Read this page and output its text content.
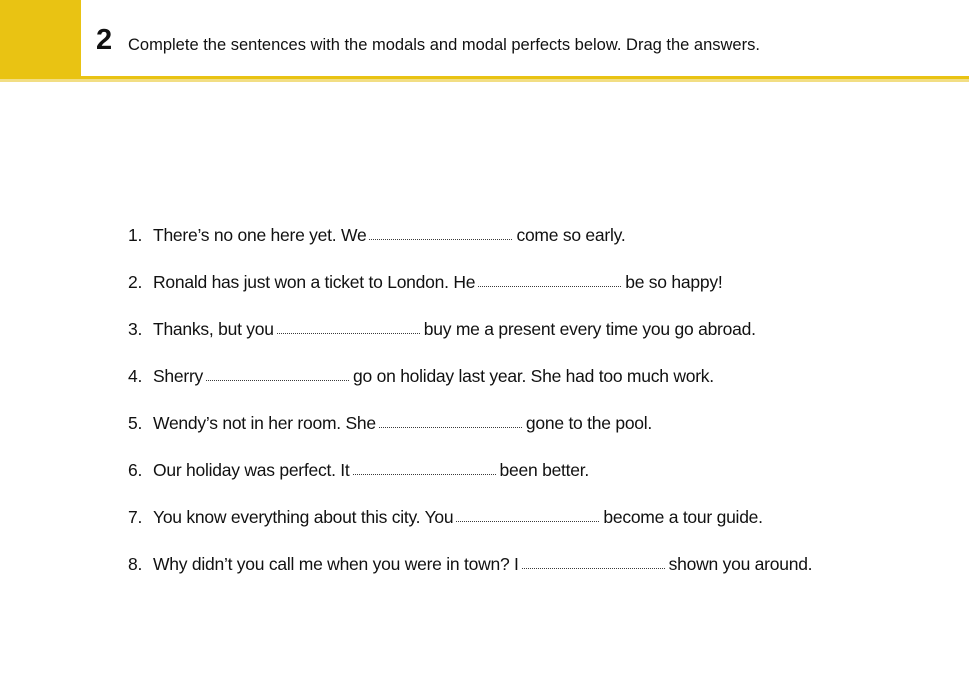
2 Complete the sentences with the modals and modal perfects below. Drag the answers.
1. There’s no one here yet. We	come so early.
2. Ronald has just won a ticket to London. He	be so happy!
3. Thanks, but you	buy me a present every time you go abroad.
4. Sherry	go on holiday last year. She had too much work.
5. Wendy’s not in her room. She	gone to the pool.
6. Our holiday was perfect. It	been better.
7. You know everything about this city. You	become a tour guide.
8. Why didn’t you call me when you were in town? I	shown you around.
